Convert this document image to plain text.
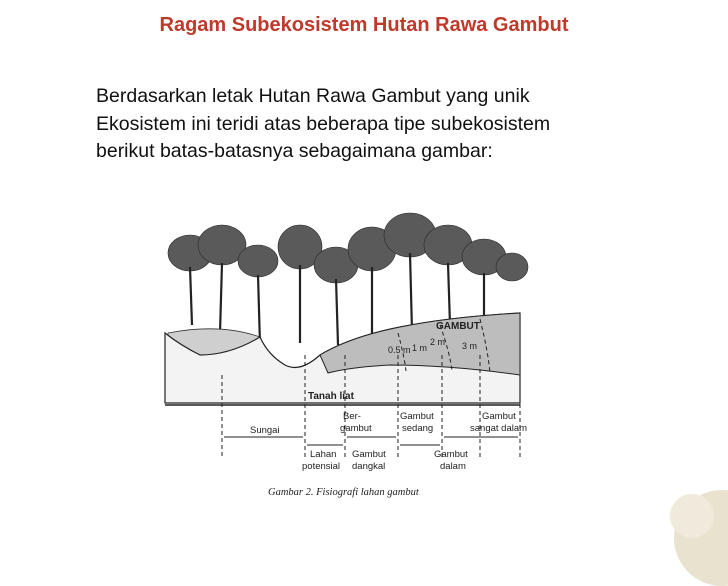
Ragam Subekosistem Hutan Rawa Gambut
Berdasarkan letak Hutan Rawa Gambut yang unik
Ekosistem ini teridi atas beberapa tipe subekosistem
berikut batas-batasnya sebagaimana gambar:
GAMBUT
0.5 m 1 m
2 m 3 m
Tanah liat
Sungai
Ber-
gambut
Gambut
sedang
Gambut
sangat dalam
Lahan
potensial
Gambut
dangkal
Gambut
dalam
Gambar 2. Fisiografi lahan gambut
